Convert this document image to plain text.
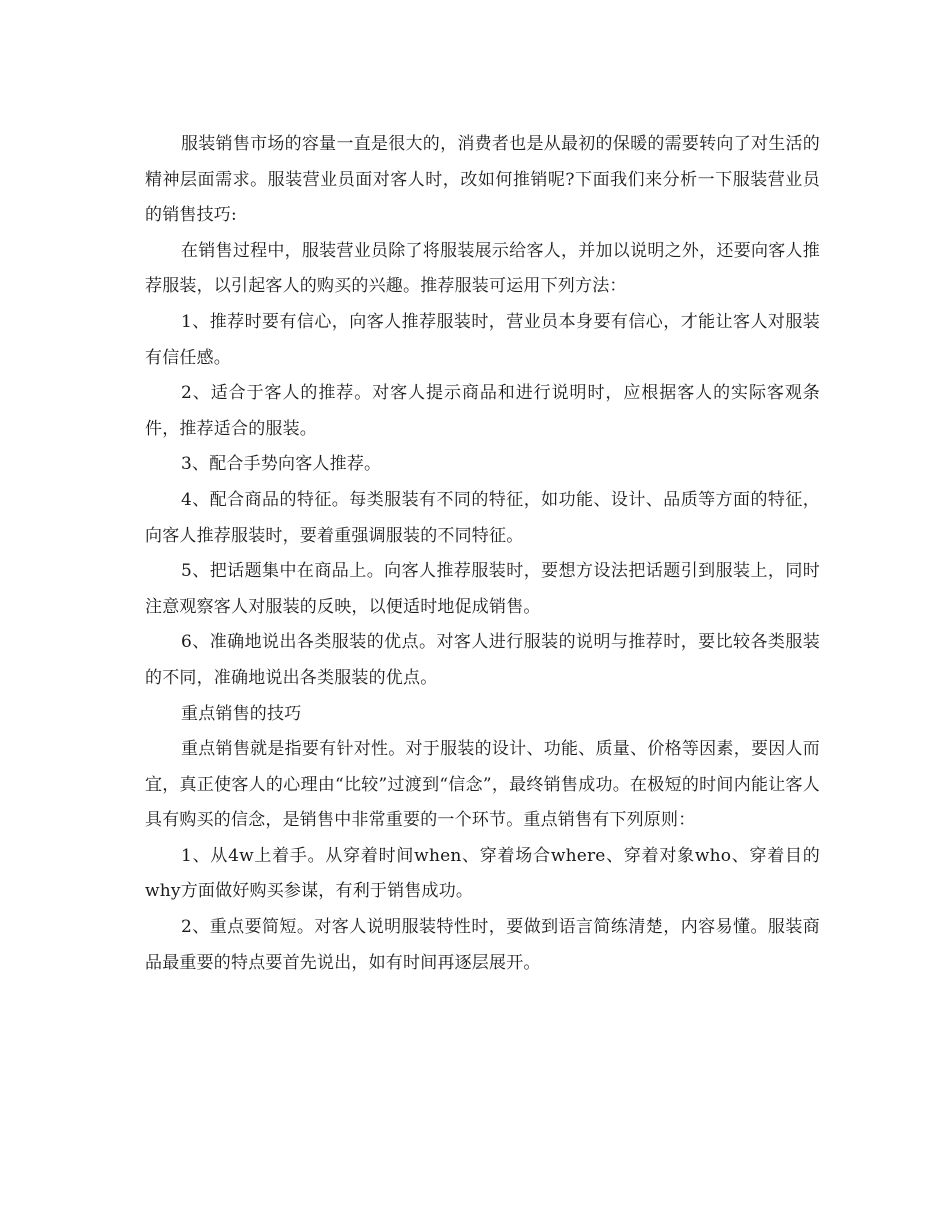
服装销售市场的容量一直是很大的，消费者也是从最初的保暖的需要转向了对生活的精神层面需求。服装营业员面对客人时，改如何推销呢?下面我们来分析一下服装营业员的销售技巧:

在销售过程中，服装营业员除了将服装展示给客人，并加以说明之外，还要向客人推荐服装，以引起客人的购买的兴趣。推荐服装可运用下列方法：

1、推荐时要有信心，向客人推荐服装时，营业员本身要有信心，才能让客人对服装有信任感。

2、适合于客人的推荐。对客人提示商品和进行说明时，应根据客人的实际客观条件，推荐适合的服装。

3、配合手势向客人推荐。

4、配合商品的特征。每类服装有不同的特征，如功能、设计、品质等方面的特征，向客人推荐服装时，要着重强调服装的不同特征。

5、把话题集中在商品上。向客人推荐服装时，要想方设法把话题引到服装上，同时注意观察客人对服装的反映，以便适时地促成销售。

6、准确地说出各类服装的优点。对客人进行服装的说明与推荐时，要比较各类服装的不同，准确地说出各类服装的优点。

重点销售的技巧

重点销售就是指要有针对性。对于服装的设计、功能、质量、价格等因素，要因人而宜，真正使客人的心理由“比较”过渡到“信念”，最终销售成功。在极短的时间内能让客人具有购买的信念，是销售中非常重要的一个环节。重点销售有下列原则：

1、从4w上着手。从穿着时间when、穿着场合where、穿着对象who、穿着目的why方面做好购买参谋，有利于销售成功。

2、重点要简短。对客人说明服装特性时，要做到语言简练清楚，内容易懂。服装商品最重要的特点要首先说出，如有时间再逐层展开。
